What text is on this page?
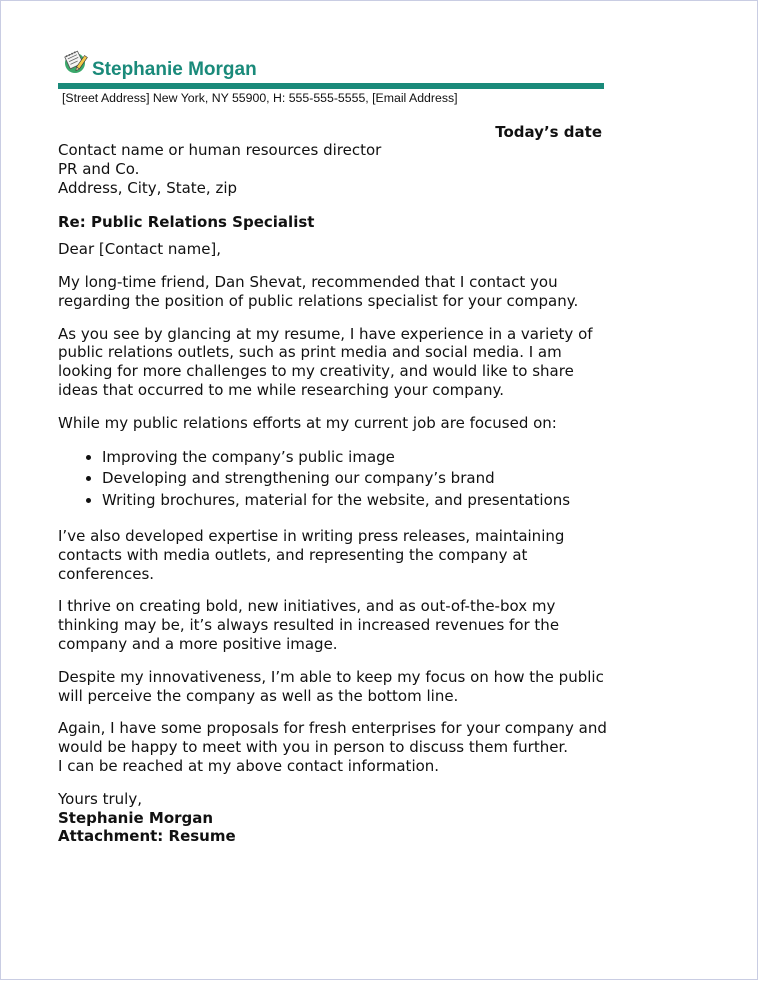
Stephanie Morgan
[Street Address] New York, NY 55900, H: 555-555-5555, [Email Address]
Today’s date

Contact name or human resources director
PR and Co.
Address, City, State, zip

Re: Public Relations Specialist

Dear [Contact name],

My long-time friend, Dan Shevat, recommended that I contact you regarding the position of public relations specialist for your company.

As you see by glancing at my resume, I have experience in a variety of public relations outlets, such as print media and social media. I am looking for more challenges to my creativity, and would like to share ideas that occurred to me while researching your company.

While my public relations efforts at my current job are focused on:

• Improving the company’s public image
• Developing and strengthening our company’s brand
• Writing brochures, material for the website, and presentations

I’ve also developed expertise in writing press releases, maintaining contacts with media outlets, and representing the company at conferences.

I thrive on creating bold, new initiatives, and as out-of-the-box my thinking may be, it’s always resulted in increased revenues for the company and a more positive image.

Despite my innovativeness, I’m able to keep my focus on how the public will perceive the company as well as the bottom line.

Again, I have some proposals for fresh enterprises for your company and would be happy to meet with you in person to discuss them further.
I can be reached at my above contact information.

Yours truly,
Stephanie Morgan
Attachment: Resume
